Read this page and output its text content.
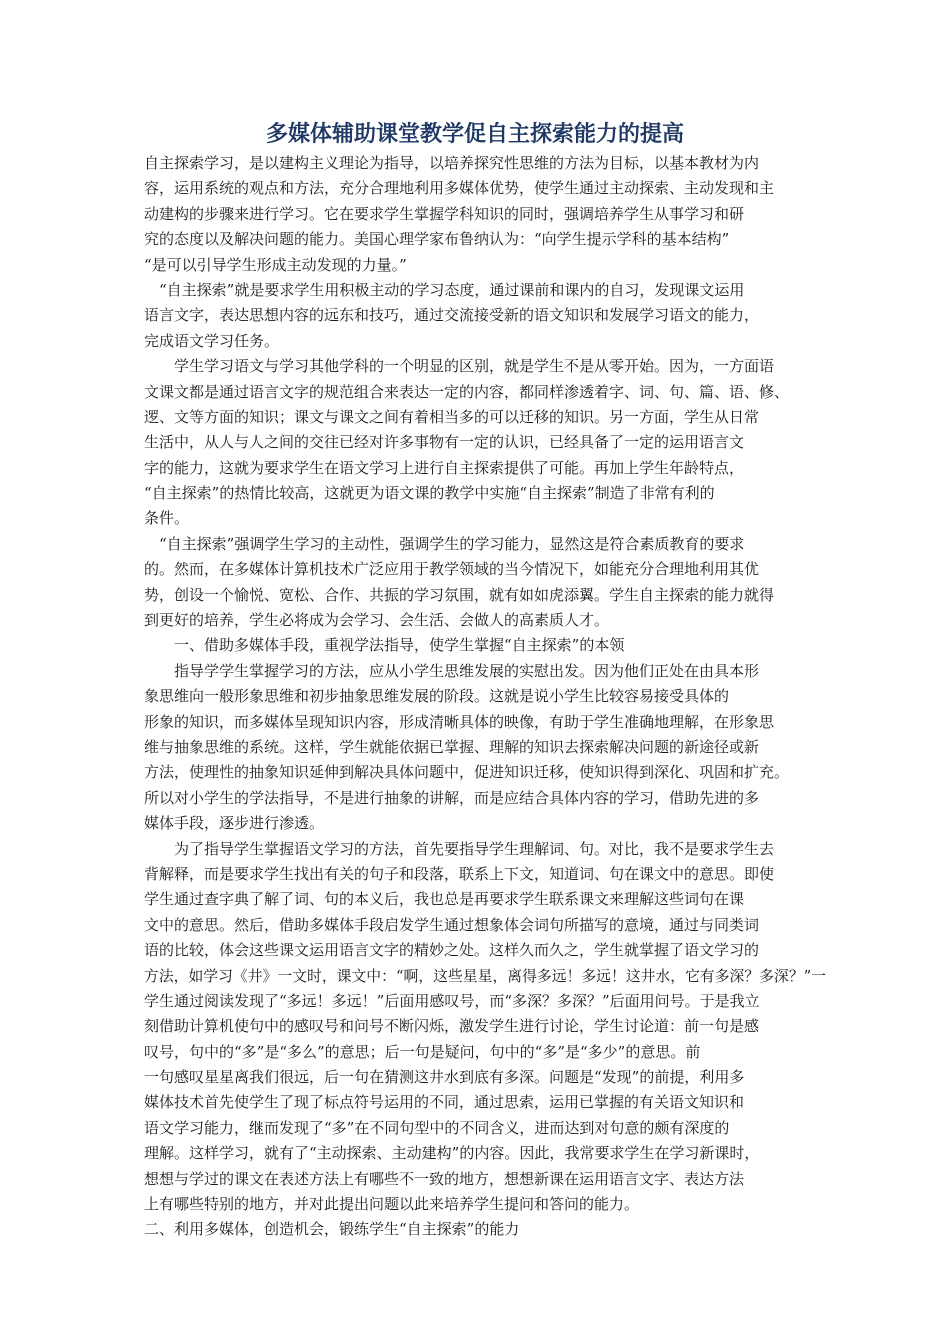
多媒体辅助课堂教学促自主探索能力的提高
自主探索学习，是以建构主义理论为指导，以培养探究性思维的方法为目标，以基本教材为内
容，运用系统的观点和方法，充分合理地利用多媒体优势，使学生通过主动探索、主动发现和主
动建构的步骤来进行学习。它在要求学生掌握学科知识的同时，强调培养学生从事学习和研
究的态度以及解决问题的能力。美国心理学家布鲁纳认为：“向学生提示学科的基本结构”
“是可以引导学生形成主动发现的力量。”
　“自主探索”就是要求学生用积极主动的学习态度，通过课前和课内的自习，发现课文运用
语言文字，表达思想内容的远东和技巧，通过交流接受新的语文知识和发展学习语文的能力，
完成语文学习任务。
　　学生学习语文与学习其他学科的一个明显的区别，就是学生不是从零开始。因为，一方面语
文课文都是通过语言文字的规范组合来表达一定的内容，都同样渗透着字、词、句、篇、语、修、
逻、文等方面的知识；课文与课文之间有着相当多的可以迁移的知识。另一方面，学生从日常
生活中，从人与人之间的交往已经对许多事物有一定的认识，已经具备了一定的运用语言文
字的能力，这就为要求学生在语文学习上进行自主探索提供了可能。再加上学生年龄特点，
“自主探索”的热情比较高，这就更为语文课的教学中实施“自主探索”制造了非常有利的
条件。
　“自主探索”强调学生学习的主动性，强调学生的学习能力，显然这是符合素质教育的要求
的。然而，在多媒体计算机技术广泛应用于教学领域的当今情况下，如能充分合理地利用其优
势，创设一个愉悦、宽松、合作、共振的学习氛围，就有如如虎添翼。学生自主探索的能力就得
到更好的培养，学生必将成为会学习、会生活、会做人的高素质人才。
　　一、借助多媒体手段，重视学法指导，使学生掌握“自主探索”的本领
　　指导学学生掌握学习的方法，应从小学生思维发展的实慰出发。因为他们正处在由具本形
象思维向一般形象思维和初步抽象思维发展的阶段。这就是说小学生比较容易接受具体的
形象的知识，而多媒体呈现知识内容，形成清晰具体的映像，有助于学生准确地理解，在形象思
维与抽象思维的系统。这样，学生就能依据已掌握、理解的知识去探索解决问题的新途径或新
方法，使理性的抽象知识延伸到解决具体问题中，促进知识迁移，使知识得到深化、巩固和扩充。
所以对小学生的学法指导，不是进行抽象的讲解，而是应结合具体内容的学习，借助先进的多
媒体手段，逐步进行渗透。
　　为了指导学生掌握语文学习的方法，首先要指导学生理解词、句。对比，我不是要求学生去
背解释，而是要求学生找出有关的句子和段落，联系上下文，知道词、句在课文中的意思。即使
学生通过查字典了解了词、句的本义后，我也总是再要求学生联系课文来理解这些词句在课
文中的意思。然后，借助多媒体手段启发学生通过想象体会词句所描写的意境，通过与同类词
语的比较，体会这些课文运用语言文字的精妙之处。这样久而久之，学生就掌握了语文学习的
方法，如学习《井》一文时，课文中：“啊，这些星星，离得多远！多远！这井水，它有多深？多深？”一
学生通过阅读发现了“多远！多远！”后面用感叹号，而“多深？多深？”后面用问号。于是我立
刻借助计算机使句中的感叹号和问号不断闪烁，激发学生进行讨论，学生讨论道：前一句是感
叹号，句中的“多”是“多么”的意思；后一句是疑问，句中的“多”是“多少”的意思。前
一句感叹星星离我们很远，后一句在猜测这井水到底有多深。问题是“发现”的前提，利用多
媒体技术首先使学生了现了标点符号运用的不同，通过思索，运用已掌握的有关语文知识和
语文学习能力，继而发现了“多”在不同句型中的不同含义，进而达到对句意的颇有深度的
理解。这样学习，就有了“主动探索、主动建构”的内容。因此，我常要求学生在学习新课时，
想想与学过的课文在表述方法上有哪些不一致的地方，想想新课在运用语言文字、表达方法
上有哪些特别的地方，并对此提出问题以此来培养学生提问和答问的能力。
二、利用多媒体，创造机会，锻练学生“自主探索”的能力
